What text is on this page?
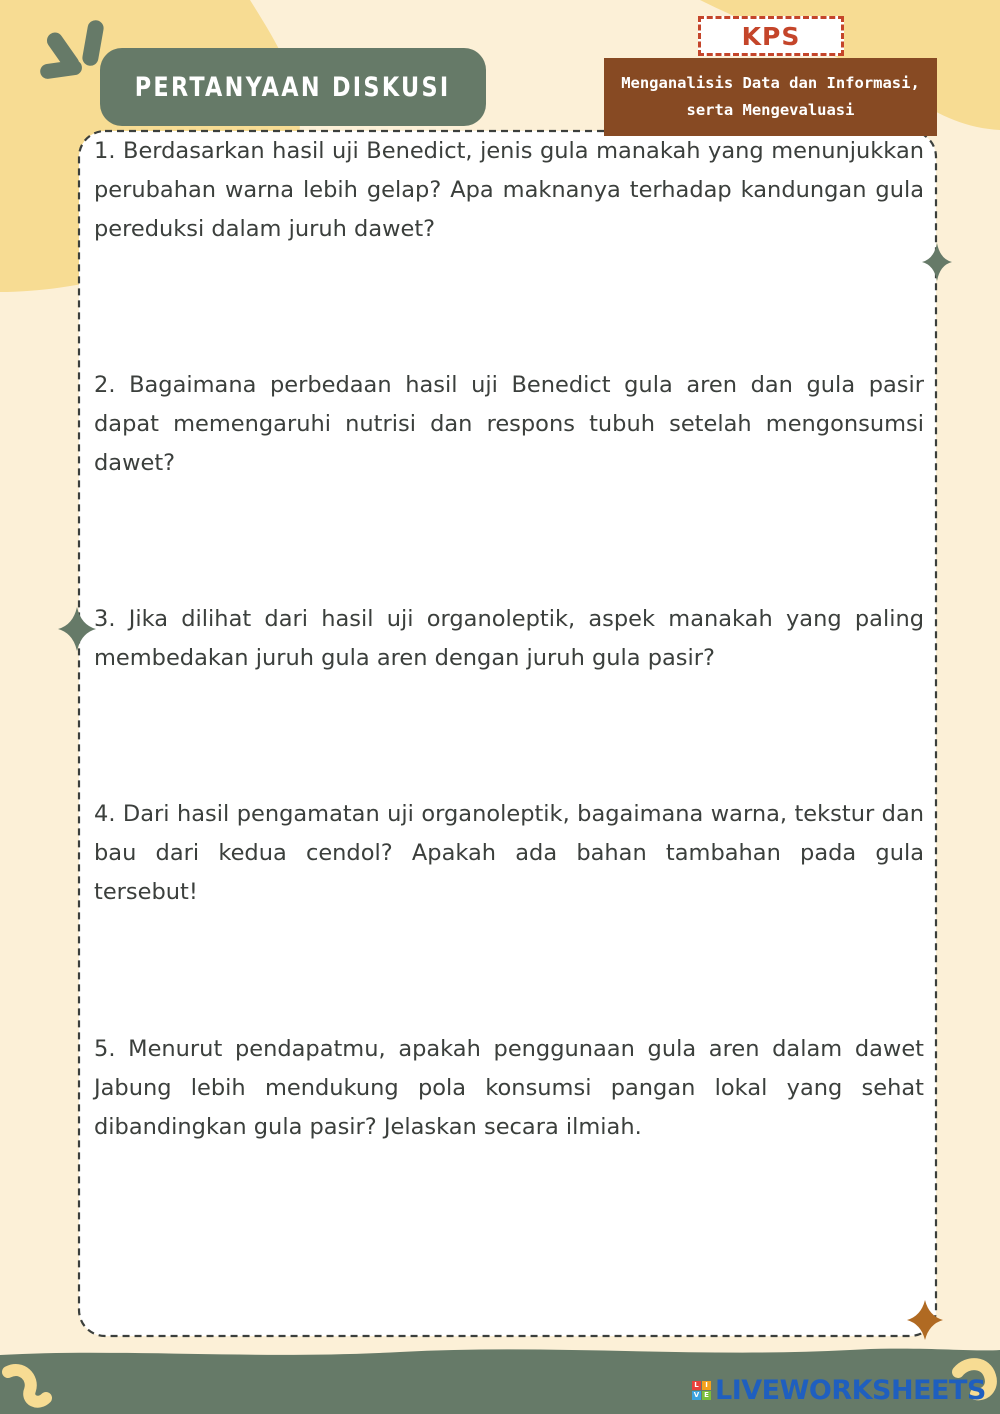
PERTANYAAN DISKUSI
KPS
Menganalisis Data dan Informasi,
serta Mengevaluasi

1. Berdasarkan hasil uji Benedict, jenis gula manakah yang menunjukkan perubahan warna lebih gelap? Apa maknanya terhadap kandungan gula pereduksi dalam juruh dawet?

2. Bagaimana perbedaan hasil uji Benedict gula aren dan gula pasir dapat memengaruhi nutrisi dan respons tubuh setelah mengonsumsi dawet?

3. Jika dilihat dari hasil uji organoleptik, aspek manakah yang paling membedakan juruh gula aren dengan juruh gula pasir?

4. Dari hasil pengamatan uji organoleptik, bagaimana warna, tekstur dan bau dari kedua cendol? Apakah ada bahan tambahan pada gula tersebut!

5. Menurut pendapatmu, apakah penggunaan gula aren dalam dawet Jabung lebih mendukung pola konsumsi pangan lokal yang sehat dibandingkan gula pasir? Jelaskan secara ilmiah.

L I
V E LIVEWORKSHEETS
